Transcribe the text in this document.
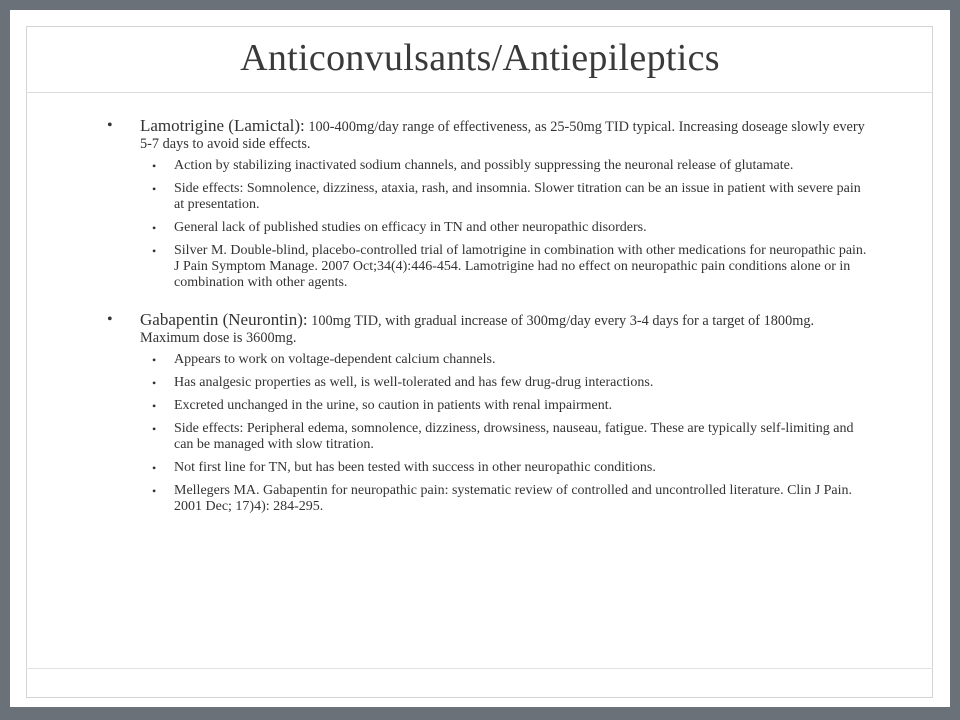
Anticonvulsants/Antiepileptics
• Lamotrigine (Lamictal): 100-400mg/day range of effectiveness, as 25-50mg TID typical. Increasing doseage slowly every 5-7 days to avoid side effects.
• Action by stabilizing inactivated sodium channels, and possibly suppressing the neuronal release of glutamate.
• Side effects: Somnolence, dizziness, ataxia, rash, and insomnia. Slower titration can be an issue in patient with severe pain at presentation.
• General lack of published studies on efficacy in TN and other neuropathic disorders.
• Silver M. Double-blind, placebo-controlled trial of lamotrigine in combination with other medications for neuropathic pain. J Pain Symptom Manage. 2007 Oct;34(4):446-454. Lamotrigine had no effect on neuropathic pain conditions alone or in combination with other agents.
• Gabapentin (Neurontin): 100mg TID, with gradual increase of 300mg/day every 3-4 days for a target of 1800mg. Maximum dose is 3600mg.
• Appears to work on voltage-dependent calcium channels.
• Has analgesic properties as well, is well-tolerated and has few drug-drug interactions.
• Excreted unchanged in the urine, so caution in patients with renal impairment.
• Side effects: Peripheral edema, somnolence, dizziness, drowsiness, nauseau, fatigue. These are typically self-limiting and can be managed with slow titration.
• Not first line for TN, but has been tested with success in other neuropathic conditions.
• Mellegers MA. Gabapentin for neuropathic pain: systematic review of controlled and uncontrolled literature. Clin J Pain. 2001 Dec; 17)4): 284-295.
